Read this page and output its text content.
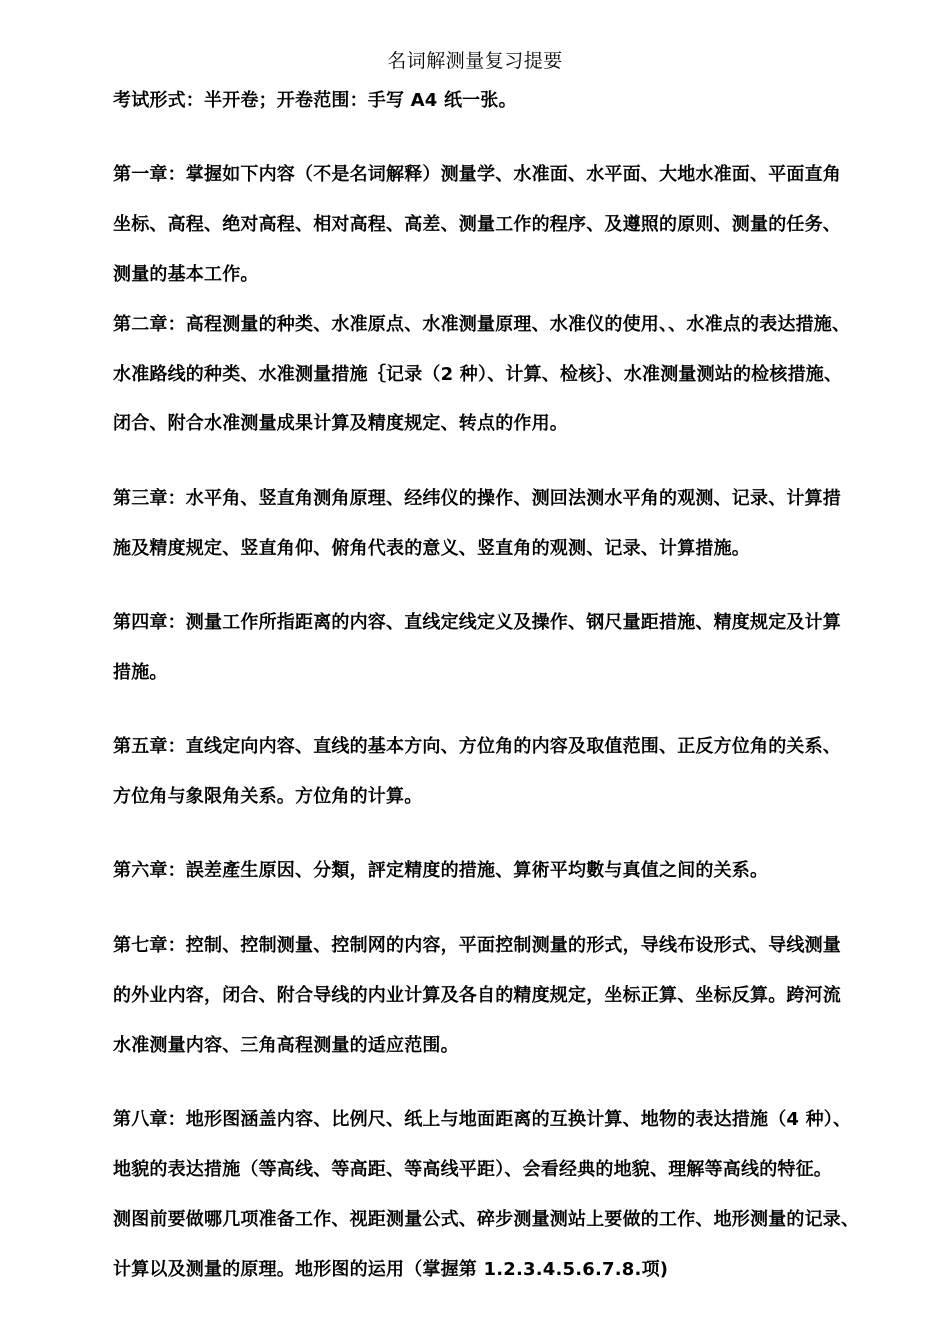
名词解测量复习提要
考试形式：半开卷；开卷范围：手写 A4 纸一张。
第一章：掌握如下内容（不是名词解释）测量学、水准面、水平面、大地水准面、平面直角
坐标、高程、绝对高程、相对高程、高差、测量工作的程序、及遵照的原则、测量的任务、
测量的基本工作。
第二章：高程测量的种类、水准原点、水准测量原理、水准仪的使用、、水准点的表达措施、
水准路线的种类、水准测量措施｛记录（2 种）、计算、检核｝、水准测量测站的检核措施、
闭合、附合水准测量成果计算及精度规定、转点的作用。
第三章：水平角、竖直角测角原理、经纬仪的操作、测回法测水平角的观测、记录、计算措
施及精度规定、竖直角仰、俯角代表的意义、竖直角的观测、记录、计算措施。
第四章：测量工作所指距离的内容、直线定线定义及操作、钢尺量距措施、精度规定及计算
措施。
第五章：直线定向内容、直线的基本方向、方位角的内容及取值范围、正反方位角的关系、
方位角与象限角关系。方位角的计算。
第六章：誤差產生原因、分類，評定精度的措施、算術平均數与真值之间的关系。
第七章：控制、控制测量、控制网的内容，平面控制测量的形式，导线布设形式、导线测量
的外业内容，闭合、附合导线的内业计算及各自的精度规定，坐标正算、坐标反算。跨河流
水准测量内容、三角高程测量的适应范围。
第八章：地形图涵盖内容、比例尺、纸上与地面距离的互换计算、地物的表达措施（4 种）、
地貌的表达措施（等高线、等高距、等高线平距）、会看经典的地貌、理解等高线的特征。
测图前要做哪几项准备工作、视距测量公式、碎步测量测站上要做的工作、地形测量的记录、
计算以及测量的原理。地形图的运用（掌握第 1.2.3.4.5.6.7.8.项)
